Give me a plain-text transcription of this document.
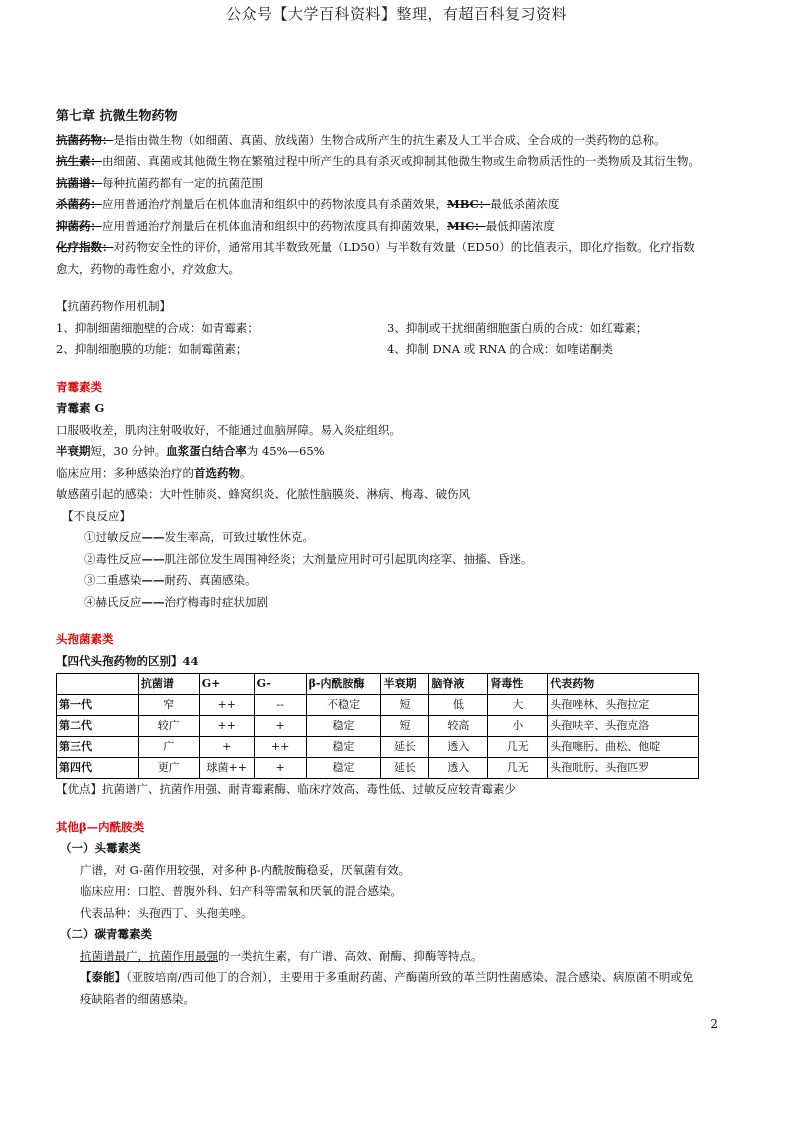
公众号【大学百科资料】整理，有超百科复习资料
第七章 抗微生物药物
抗菌药物：是指由微生物（如细菌、真菌、放线菌）生物合成所产生的抗生素及人工半合成、全合成的一类药物的总称。
抗生素：由细菌、真菌或其他微生物在繁殖过程中所产生的具有杀灭或抑制其他微生物或生命物质活性的一类物质及其衍生物。
抗菌谱：每种抗菌药都有一定的抗菌范围
杀菌药：应用普通治疗剂量后在机体血清和组织中的药物浓度具有杀菌效果，MBC：最低杀菌浓度
抑菌药：应用普通治疗剂量后在机体血清和组织中的药物浓度具有抑菌效果，MIC：最低抑菌浓度
化疗指数：对药物安全性的评价，通常用其半数致死量（LD50）与半数有效量（ED50）的比值表示，即化疗指数。化疗指数
愈大，药物的毒性愈小，疗效愈大。
【抗菌药物作用机制】
1、抑制细菌细胞壁的合成：如青霉素；	3、抑制或干扰细菌细胞蛋白质的合成：如红霉素；
2、抑制细胞膜的功能：如制霉菌素；	4、抑制 DNA 或 RNA 的合成：如喹诺酮类
青霉素类
青霉素 G
口服吸收差，肌肉注射吸收好，不能通过血脑屏障。易入炎症组织。
半衰期短，30 分钟。血浆蛋白结合率为 45%—65%
临床应用：多种感染治疗的首选药物。
敏感菌引起的感染：大叶性肺炎、蜂窝织炎、化脓性脑膜炎、淋病、梅毒、破伤风
【不良反应】
①过敏反应——发生率高，可致过敏性休克。
②毒性反应——肌注部位发生周围神经炎；大剂量应用时可引起肌肉痉挛、抽搐、昏迷。
③二重感染——耐药、真菌感染。
④赫氏反应——治疗梅毒时症状加剧
头孢菌素类
【四代头孢药物的区别】44
	抗菌谱	G+	G-	β-内酰胺酶	半衰期	脑脊液	肾毒性	代表药物
第一代	窄	++	--	不稳定	短	低	大	头孢唑林、头孢拉定
第二代	较广	++	+	稳定	短	较高	小	头孢呋辛、头孢克洛
第三代	广	+	++	稳定	延长	透入	几无	头孢噻肟、曲松、他啶
第四代	更广	球菌++	+	稳定	延长	透入	几无	头孢吡肟、头孢匹罗
【优点】抗菌谱广、抗菌作用强、耐青霉素酶、临床疗效高、毒性低、过敏反应较青霉素少
其他β—内酰胺类
（一）头霉素类
广谱，对 G-菌作用较强，对多种 β-内酰胺酶稳妥，厌氧菌有效。
临床应用：口腔、普腹外科、妇产科等需氧和厌氧的混合感染。
代表品种：头孢西丁、头孢美唑。
（二）碳青霉素类
抗菌谱最广，抗菌作用最强的一类抗生素，有广谱、高效、耐酶、抑酶等特点。
【泰能】（亚胺培南/西司他丁的合剂），主要用于多重耐药菌、产酶菌所致的革兰阴性菌感染、混合感染、病原菌不明或免
疫缺陷者的细菌感染。
2
